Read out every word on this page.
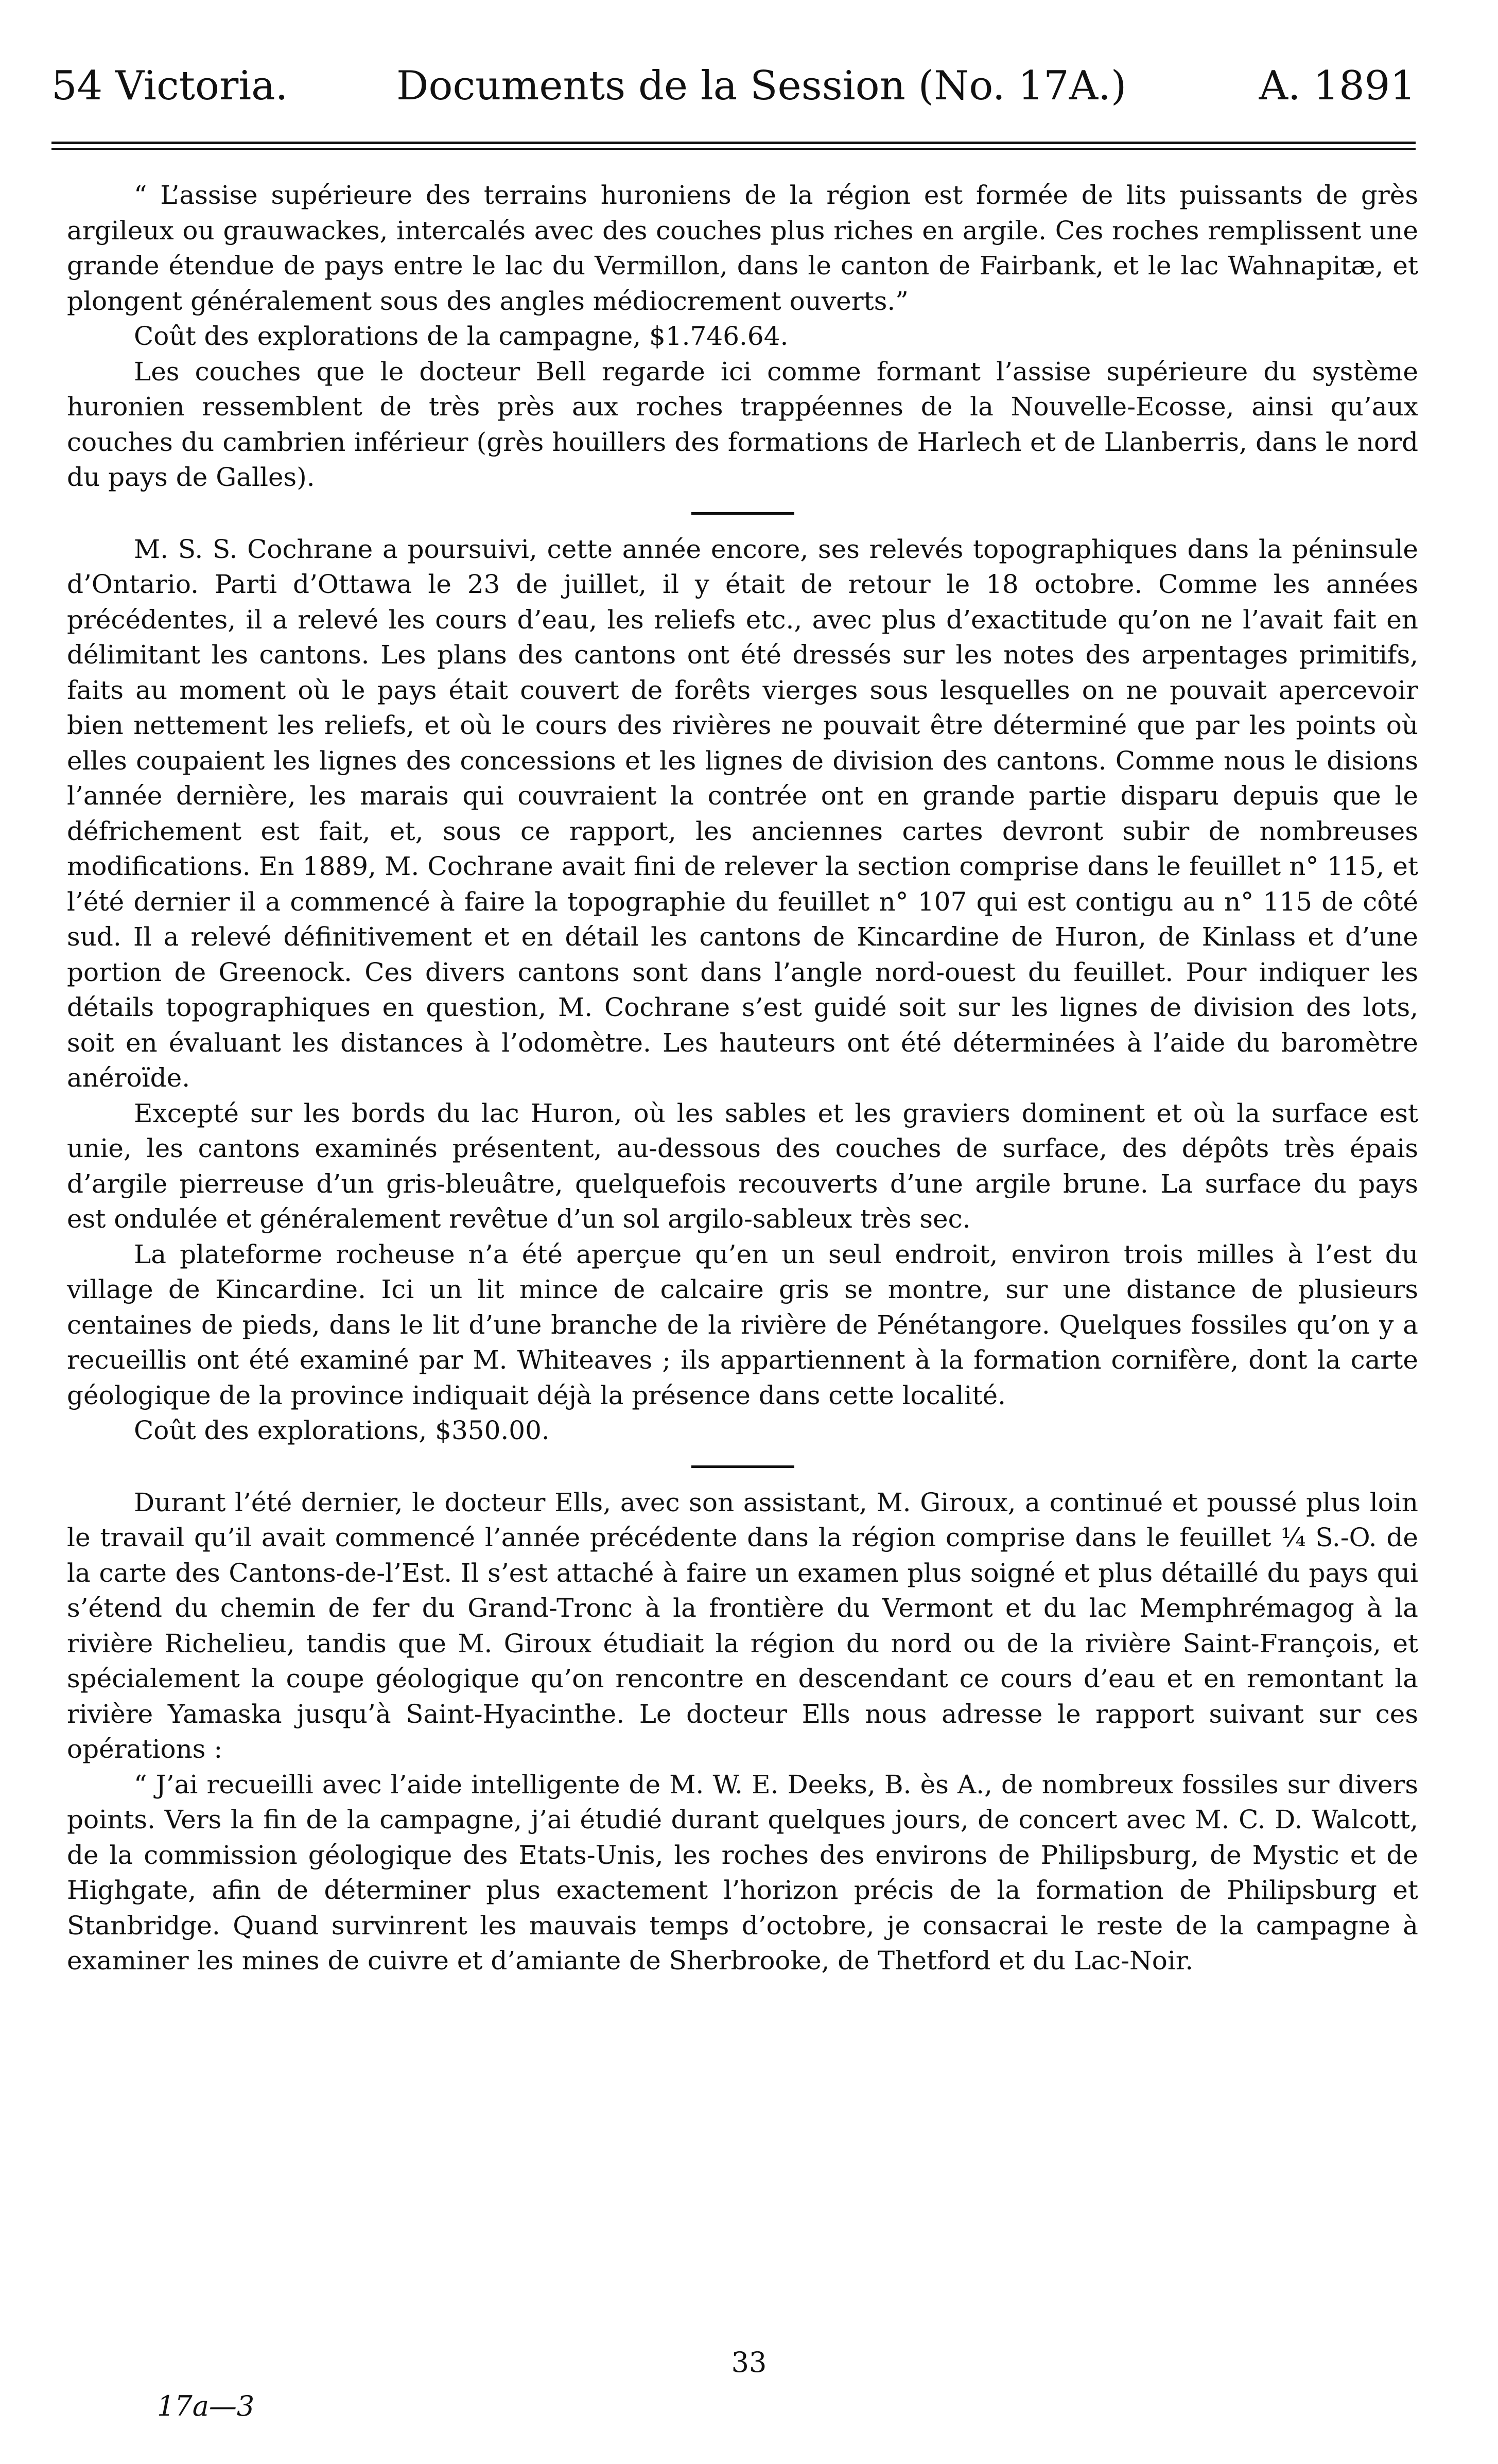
54 Victoria.	Documents de la Session (No. 17A.)	A. 1891

“ L’assise supérieure des terrains huroniens de la région est formée de lits puissants de grès argileux ou grauwackes, intercalés avec des couches plus riches en argile. Ces roches remplissent une grande étendue de pays entre le lac du Vermillon, dans le canton de Fairbank, et le lac Wahnapitæ, et plongent généralement sous des angles médiocrement ouverts.”

Coût des explorations de la campagne, $1.746.64.

Les couches que le docteur Bell regarde ici comme formant l’assise supérieure du système huronien ressemblent de très près aux roches trappéennes de la Nouvelle-Ecosse, ainsi qu’aux couches du cambrien inférieur (grès houillers des formations de Harlech et de Llanberris, dans le nord du pays de Galles).

M. S. S. Cochrane a poursuivi, cette année encore, ses relevés topographiques dans la péninsule d’Ontario. Parti d’Ottawa le 23 de juillet, il y était de retour le 18 octobre. Comme les années précédentes, il a relevé les cours d’eau, les reliefs etc., avec plus d’exactitude qu’on ne l’avait fait en délimitant les cantons. Les plans des cantons ont été dressés sur les notes des arpentages primitifs, faits au moment où le pays était couvert de forêts vierges sous lesquelles on ne pouvait apercevoir bien nettement les reliefs, et où le cours des rivières ne pouvait être déterminé que par les points où elles coupaient les lignes des concessions et les lignes de division des cantons. Comme nous le disions l’année dernière, les marais qui couvraient la contrée ont en grande partie disparu depuis que le défrichement est fait, et, sous ce rapport, les anciennes cartes devront subir de nombreuses modifications. En 1889, M. Cochrane avait fini de relever la section comprise dans le feuillet n° 115, et l’été dernier il a commencé à faire la topographie du feuillet n° 107 qui est contigu au n° 115 de côté sud. Il a relevé définitivement et en détail les cantons de Kincardine de Huron, de Kinlass et d’une portion de Greenock. Ces divers cantons sont dans l’angle nord-ouest du feuillet. Pour indiquer les détails topographiques en question, M. Cochrane s’est guidé soit sur les lignes de division des lots, soit en évaluant les distances à l’odomètre. Les hauteurs ont été déterminées à l’aide du baromètre anéroïde.

Excepté sur les bords du lac Huron, où les sables et les graviers dominent et où la surface est unie, les cantons examinés présentent, au-dessous des couches de surface, des dépôts très épais d’argile pierreuse d’un gris-bleuâtre, quelquefois recouverts d’une argile brune. La surface du pays est ondulée et généralement revêtue d’un sol argilo-sableux très sec.

La plateforme rocheuse n’a été aperçue qu’en un seul endroit, environ trois milles à l’est du village de Kincardine. Ici un lit mince de calcaire gris se montre, sur une distance de plusieurs centaines de pieds, dans le lit d’une branche de la rivière de Pénétangore. Quelques fossiles qu’on y a recueillis ont été examiné par M. Whiteaves ; ils appartiennent à la formation cornifère, dont la carte géologique de la province indiquait déjà la présence dans cette localité.

Coût des explorations, $350.00.

Durant l’été dernier, le docteur Ells, avec son assistant, M. Giroux, a continué et poussé plus loin le travail qu’il avait commencé l’année précédente dans la région comprise dans le feuillet ¼ S.-O. de la carte des Cantons-de-l’Est. Il s’est attaché à faire un examen plus soigné et plus détaillé du pays qui s’étend du chemin de fer du Grand-Tronc à la frontière du Vermont et du lac Memphrémagog à la rivière Richelieu, tandis que M. Giroux étudiait la région du nord ou de la rivière Saint-François, et spécialement la coupe géologique qu’on rencontre en descendant ce cours d’eau et en remontant la rivière Yamaska jusqu’à Saint-Hyacinthe. Le docteur Ells nous adresse le rapport suivant sur ces opérations :

“ J’ai recueilli avec l’aide intelligente de M. W. E. Deeks, B. ès A., de nombreux fossiles sur divers points. Vers la fin de la campagne, j’ai étudié durant quelques jours, de concert avec M. C. D. Walcott, de la commission géologique des Etats-Unis, les roches des environs de Philipsburg, de Mystic et de Highgate, afin de déterminer plus exactement l’horizon précis de la formation de Philipsburg et Stanbridge. Quand survinrent les mauvais temps d’octobre, je consacrai le reste de la campagne à examiner les mines de cuivre et d’amiante de Sherbrooke, de Thetford et du Lac-Noir.

33
17a—3
